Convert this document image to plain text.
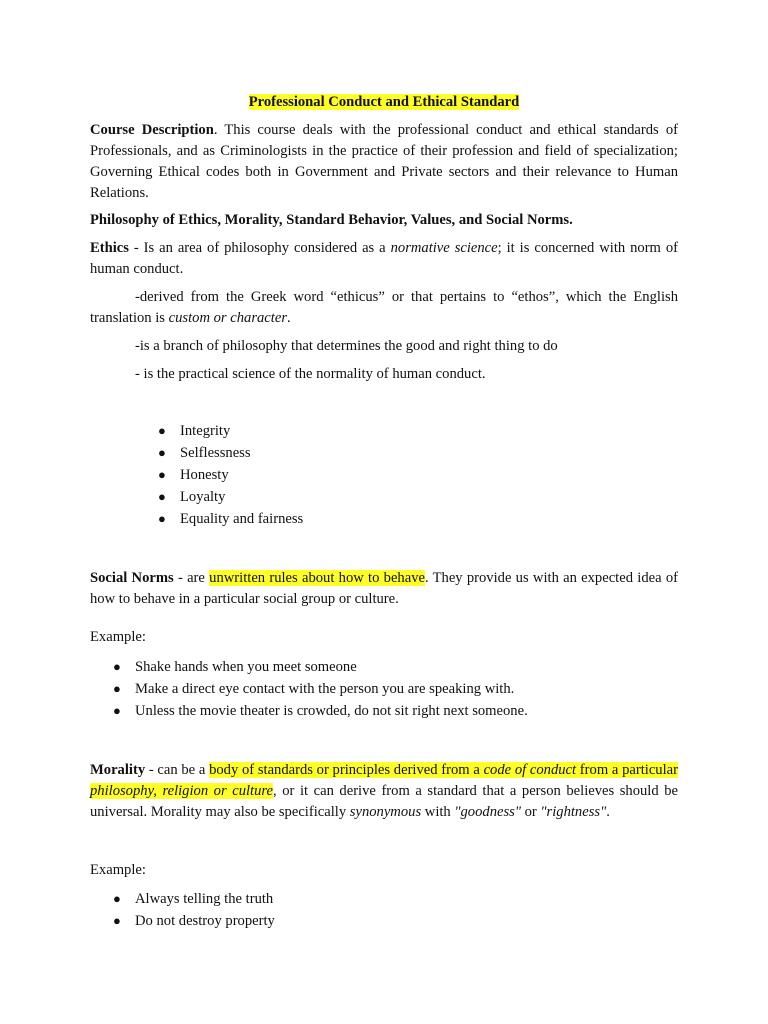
Professional Conduct and Ethical Standard
Course Description. This course deals with the professional conduct and ethical standards of Professionals, and as Criminologists in the practice of their profession and field of specialization; Governing Ethical codes both in Government and Private sectors and their relevance to Human Relations.
Philosophy of Ethics, Morality, Standard Behavior, Values, and Social Norms.
Ethics - Is an area of philosophy considered as a normative science; it is concerned with norm of human conduct.
-derived from the Greek word “ethicus” or that pertains to “ethos”, which the English translation is custom or character.
-is a branch of philosophy that determines the good and right thing to do
- is the practical science of the normality of human conduct.
● Integrity
● Selflessness
● Honesty
● Loyalty
● Equality and fairness
Social Norms - are unwritten rules about how to behave. They provide us with an expected idea of how to behave in a particular social group or culture.
Example:
● Shake hands when you meet someone
● Make a direct eye contact with the person you are speaking with.
● Unless the movie theater is crowded, do not sit right next someone.
Morality - can be a body of standards or principles derived from a code of conduct from a particular philosophy, religion or culture, or it can derive from a standard that a person believes should be universal. Morality may also be specifically synonymous with "goodness" or "rightness".
Example:
● Always telling the truth
● Do not destroy property
